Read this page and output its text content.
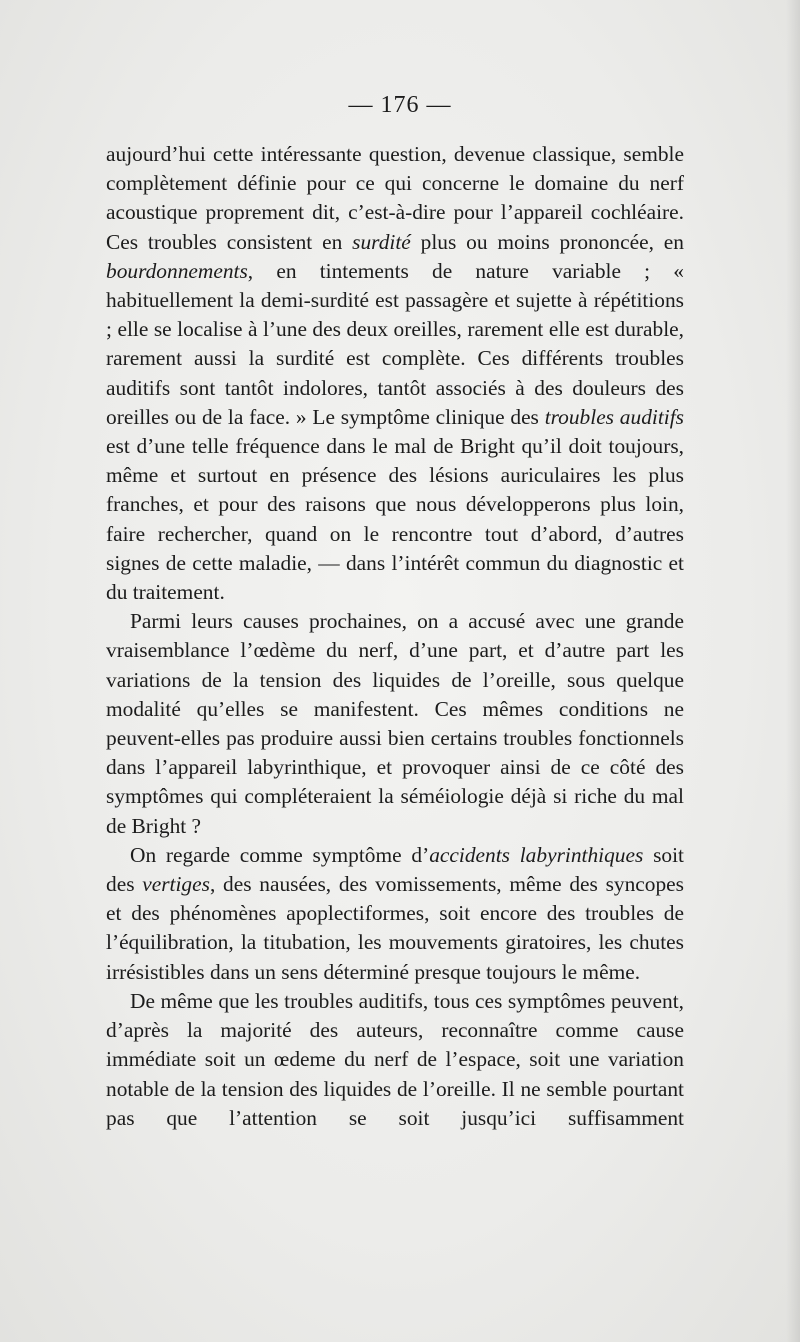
— 176 —

aujourd’hui cette intéressante question, devenue classique, semble complètement définie pour ce qui concerne le domaine du nerf acoustique proprement dit, c’est-à-dire pour l’appareil cochléaire. Ces troubles consistent en surdité plus ou moins prononcée, en bourdonnements, en tintements de nature variable ; « habituellement la demi-surdité est passagère et sujette à répétitions ; elle se localise à l’une des deux oreilles, rarement elle est durable, rarement aussi la surdité est complète. Ces différents troubles auditifs sont tantôt indolores, tantôt associés à des douleurs des oreilles ou de la face. » Le symptôme clinique des troubles auditifs est d’une telle fréquence dans le mal de Bright qu’il doit toujours, même et surtout en présence des lésions auriculaires les plus franches, et pour des raisons que nous développerons plus loin, faire rechercher, quand on le rencontre tout d’abord, d’autres signes de cette maladie, — dans l’intérêt commun du diagnostic et du traitement.

Parmi leurs causes prochaines, on a accusé avec une grande vraisemblance l’œdème du nerf, d’une part, et d’autre part les variations de la tension des liquides de l’oreille, sous quelque modalité qu’elles se manifestent. Ces mêmes conditions ne peuvent-elles pas produire aussi bien certains troubles fonctionnels dans l’appareil labyrinthique, et provoquer ainsi de ce côté des symptômes qui compléteraient la séméiologie déjà si riche du mal de Bright ?

On regarde comme symptôme d’accidents labyrinthiques soit des vertiges, des nausées, des vomissements, même des syncopes et des phénomènes apoplectiformes, soit encore des troubles de l’équilibration, la titubation, les mouvements giratoires, les chutes irrésistibles dans un sens déterminé presque toujours le même.

De même que les troubles auditifs, tous ces symptômes peuvent, d’après la majorité des auteurs, reconnaître comme cause immédiate soit un œdeme du nerf de l’espace, soit une variation notable de la tension des liquides de l’oreille. Il ne semble pourtant pas que l’attention se soit jusqu’ici suffisamment
